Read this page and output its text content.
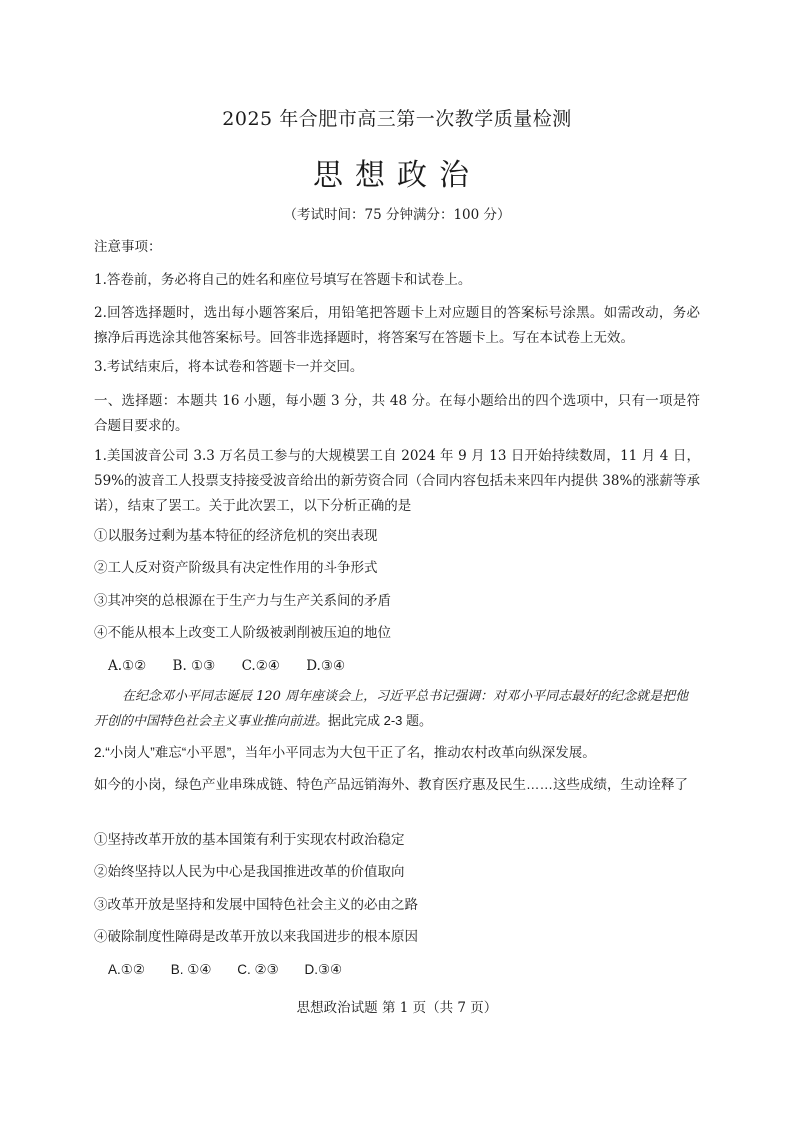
2025 年合肥市高三第一次教学质量检测
思想政治
（考试时间：75 分钟满分：100 分）
注意事项：
1.答卷前，务必将自己的姓名和座位号填写在答题卡和试卷上。
2.回答选择题时，选出每小题答案后，用铅笔把答题卡上对应题目的答案标号涂黑。如需改动，务必擦净后再选涂其他答案标号。回答非选择题时，将答案写在答题卡上。写在本试卷上无效。
3.考试结束后，将本试卷和答题卡一并交回。
一、选择题：本题共 16 小题，每小题 3 分，共 48 分。在每小题给出的四个选项中，只有一项是符合题目要求的。
1.美国波音公司 3.3 万名员工参与的大规模罢工自 2024 年 9 月 13 日开始持续数周，11 月 4 日，59%的波音工人投票支持接受波音给出的新劳资合同（合同内容包括未来四年内提供 38%的涨薪等承诺），结束了罢工。关于此次罢工，以下分析正确的是
①以服务过剩为基本特征的经济危机的突出表现
②工人反对资产阶级具有决定性作用的斗争形式
③其冲突的总根源在于生产力与生产关系间的矛盾
④不能从根本上改变工人阶级被剥削被压迫的地位
A.①② B. ①③ C.②④ D.③④
在纪念邓小平同志诞辰 120 周年座谈会上，习近平总书记强调：对邓小平同志最好的纪念就是把他开创的中国特色社会主义事业推向前进。据此完成 2-3 题。
2.“小岗人”难忘“小平恩”，当年小平同志为大包干正了名，推动农村改革向纵深发展。
如今的小岗，绿色产业串珠成链、特色产品远销海外、教育医疗惠及民生……这些成绩，生动诠释了
①坚持改革开放的基本国策有利于实现农村政治稳定
②始终坚持以人民为中心是我国推进改革的价值取向
③改革开放是坚持和发展中国特色社会主义的必由之路
④破除制度性障碍是改革开放以来我国进步的根本原因
A.①② B. ①④ C. ②③ D.③④
思想政治试题 第 1 页（共 7 页）
